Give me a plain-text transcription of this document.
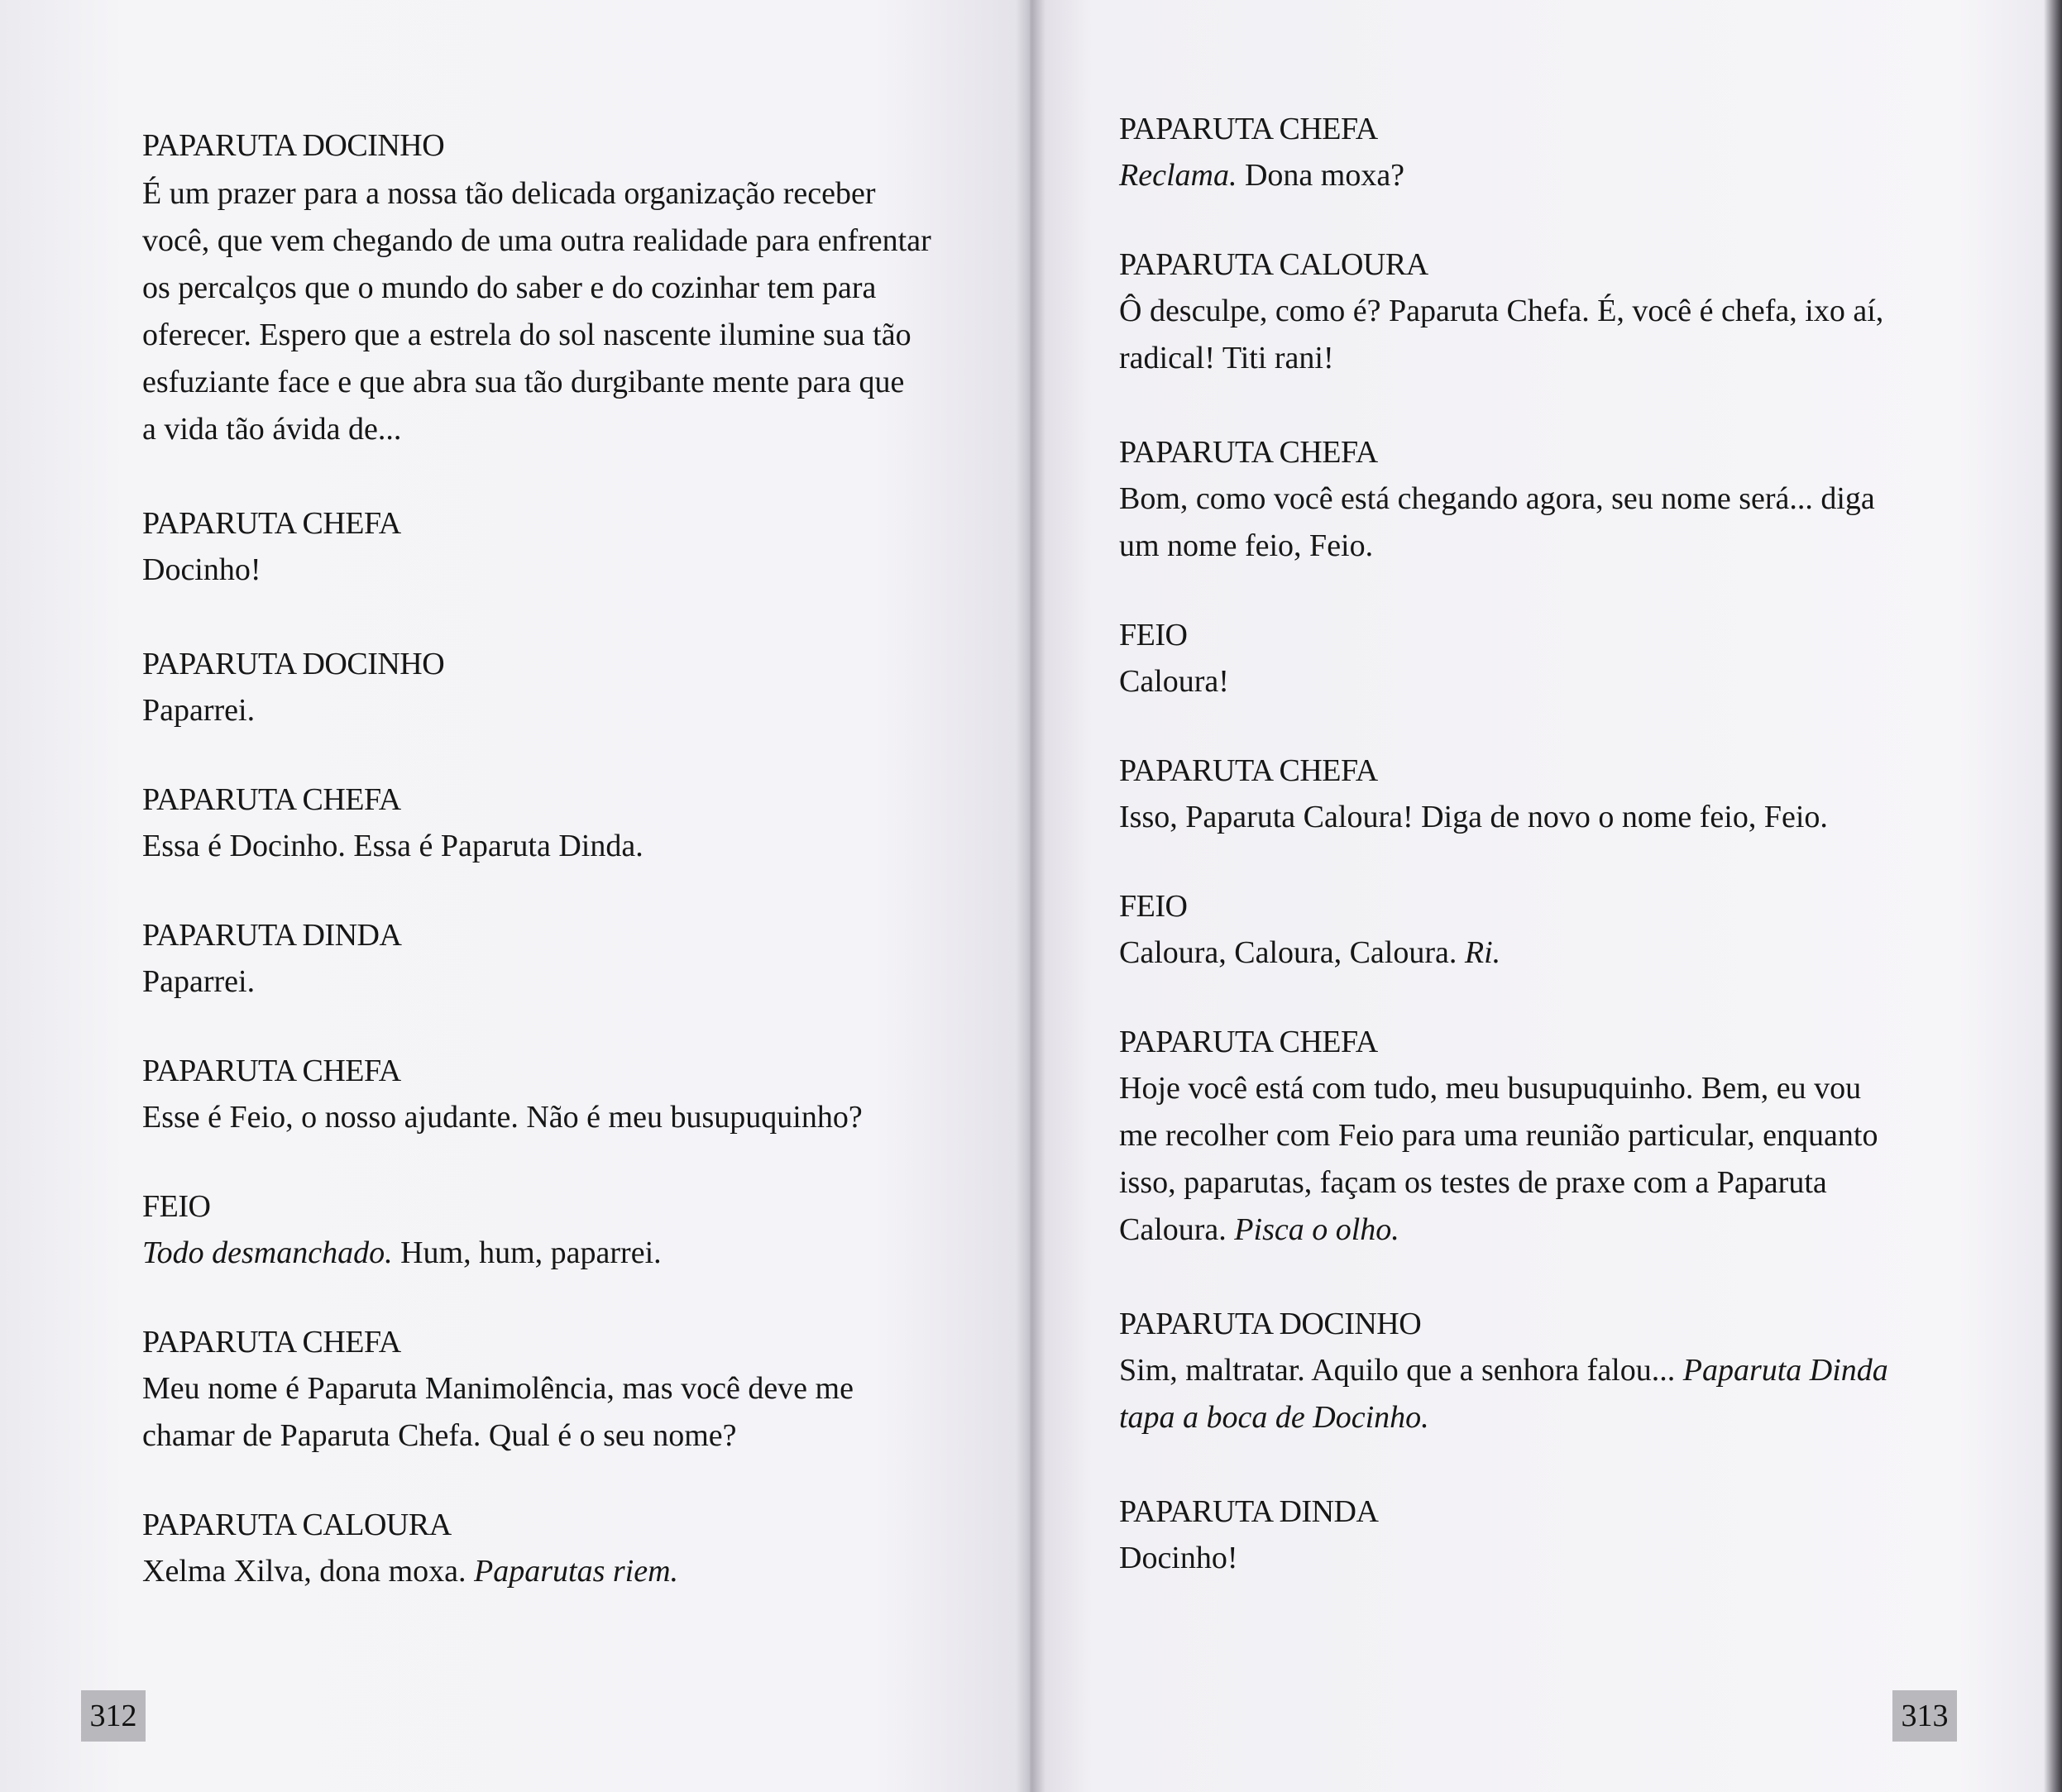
PAPARUTA DOCINHO
É um prazer para a nossa tão delicada organização receber
você, que vem chegando de uma outra realidade para enfrentar
os percalços que o mundo do saber e do cozinhar tem para
oferecer. Espero que a estrela do sol nascente ilumine sua tão
esfuziante face e que abra sua tão durgibante mente para que
a vida tão ávida de...
PAPARUTA CHEFA
Docinho!
PAPARUTA DOCINHO
Paparrei.
PAPARUTA CHEFA
Essa é Docinho. Essa é Paparuta Dinda.
PAPARUTA DINDA
Paparrei.
PAPARUTA CHEFA
Esse é Feio, o nosso ajudante. Não é meu busupuquinho?
FEIO
Todo desmanchado. Hum, hum, paparrei.
PAPARUTA CHEFA
Meu nome é Paparuta Manimolência, mas você deve me
chamar de Paparuta Chefa. Qual é o seu nome?
PAPARUTA CALOURA
Xelma Xilva, dona moxa. Paparutas riem.
312
PAPARUTA CHEFA
Reclama. Dona moxa?
PAPARUTA CALOURA
Ô desculpe, como é? Paparuta Chefa. É, você é chefa, ixo aí,
radical! Titi rani!
PAPARUTA CHEFA
Bom, como você está chegando agora, seu nome será... diga
um nome feio, Feio.
FEIO
Caloura!
PAPARUTA CHEFA
Isso, Paparuta Caloura! Diga de novo o nome feio, Feio.
FEIO
Caloura, Caloura, Caloura. Ri.
PAPARUTA CHEFA
Hoje você está com tudo, meu busupuquinho. Bem, eu vou
me recolher com Feio para uma reunião particular, enquanto
isso, paparutas, façam os testes de praxe com a Paparuta
Caloura. Pisca o olho.
PAPARUTA DOCINHO
Sim, maltratar. Aquilo que a senhora falou... Paparuta Dinda
tapa a boca de Docinho.
PAPARUTA DINDA
Docinho!
313
